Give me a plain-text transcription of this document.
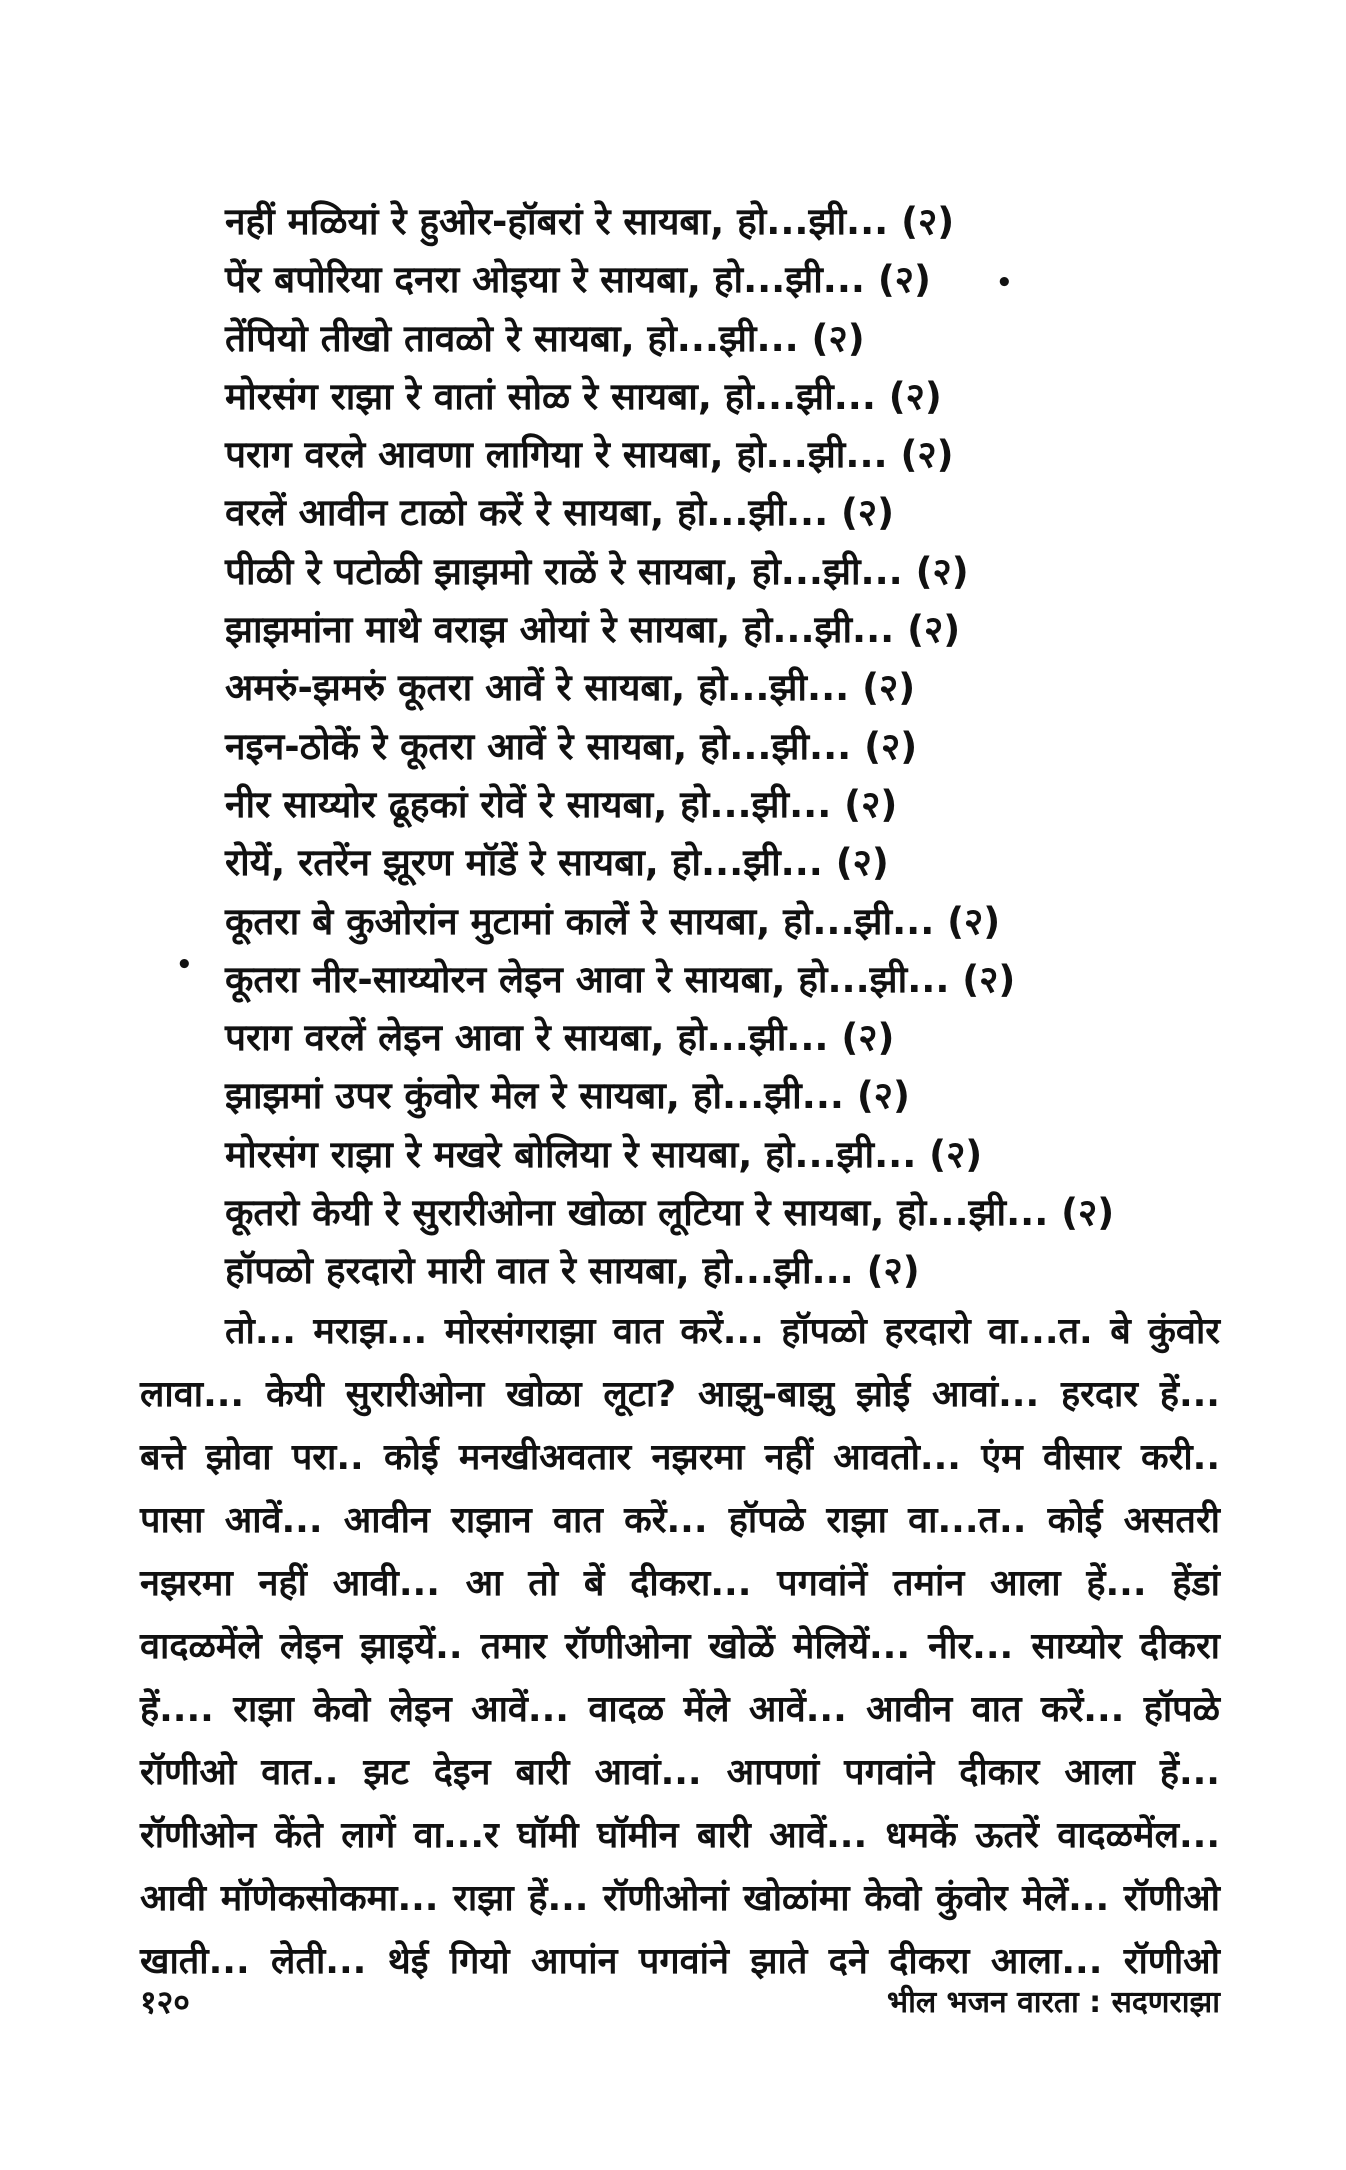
नहीं मळियां रे हुओर-हॉबरां रे सायबा, हो...झी... (२)
पेंर बपोरिया दनरा ओइया रे सायबा, हो...झी... (२)
तेंपियो तीखो तावळो रे सायबा, हो...झी... (२)
मोरसंग राझा रे वातां सोळ रे सायबा, हो...झी... (२)
पराग वरले आवणा लागिया रे सायबा, हो...झी... (२)
वरलें आवीन टाळो करें रे सायबा, हो...झी... (२)
पीळी रे पटोळी झाझमो राळें रे सायबा, हो...झी... (२)
झाझमांना माथे वराझ ओयां रे सायबा, हो...झी... (२)
अमरुं-झमरुं कूतरा आवें रे सायबा, हो...झी... (२)
नइन-ठोकें रे कूतरा आवें रे सायबा, हो...झी... (२)
नीर साय्योर ढूहकां रोवें रे सायबा, हो...झी... (२)
रोयें, रतरेंन झूरण मॉडें रे सायबा, हो...झी... (२)
कूतरा बे कुओरांन मुटामां कालें रे सायबा, हो...झी... (२)
कूतरा नीर-साय्योरन लेइन आवा रे सायबा, हो...झी... (२)
पराग वरलें लेइन आवा रे सायबा, हो...झी... (२)
झाझमां उपर कुंवोर मेल रे सायबा, हो...झी... (२)
मोरसंग राझा रे मखरे बोलिया रे सायबा, हो...झी... (२)
कूतरो केयी रे सुरारीओना खोळा लूटिया रे सायबा, हो...झी... (२)
हॉपळो हरदारो मारी वात रे सायबा, हो...झी... (२)
•
•
तो... मराझ... मोरसंगराझा वात करें... हॉपळो हरदारो वा...त. बे कुंवोर
लावा... केयी सुरारीओना खोळा लूटा? आझु-बाझु झोई आवां... हरदार हें...
बत्ते झोवा परा.. कोई मनखीअवतार नझरमा नहीं आवतो... एंम वीसार करी..
पासा आवें... आवीन राझान वात करें... हॉपळे राझा वा...त.. कोई असतरी
नझरमा नहीं आवी... आ तो बें दीकरा... पगवांनें तमांन आला हें... हेंडां
वादळमेंले लेइन झाइयें.. तमार रॉणीओना खोळें मेलियें... नीर... साय्योर दीकरा
हें.... राझा केवो लेइन आवें... वादळ मेंले आवें... आवीन वात करें... हॉपळे
रॉणीओ वात.. झट देइन बारी आवां... आपणां पगवांने दीकार आला हें...
रॉणीओन केंते लागें वा...र घॉमी घॉमीन बारी आवें... धमकें ऊतरें वादळमेंल...
आवी मॉणेकसोकमा... राझा हें... रॉणीओनां खोळांमा केवो कुंवोर मेलें... रॉणीओ
खाती... लेती... थेई गियो आपांन पगवांने झाते दने दीकरा आला... रॉणीओ
१२०	भील भजन वारता : सदणराझा
